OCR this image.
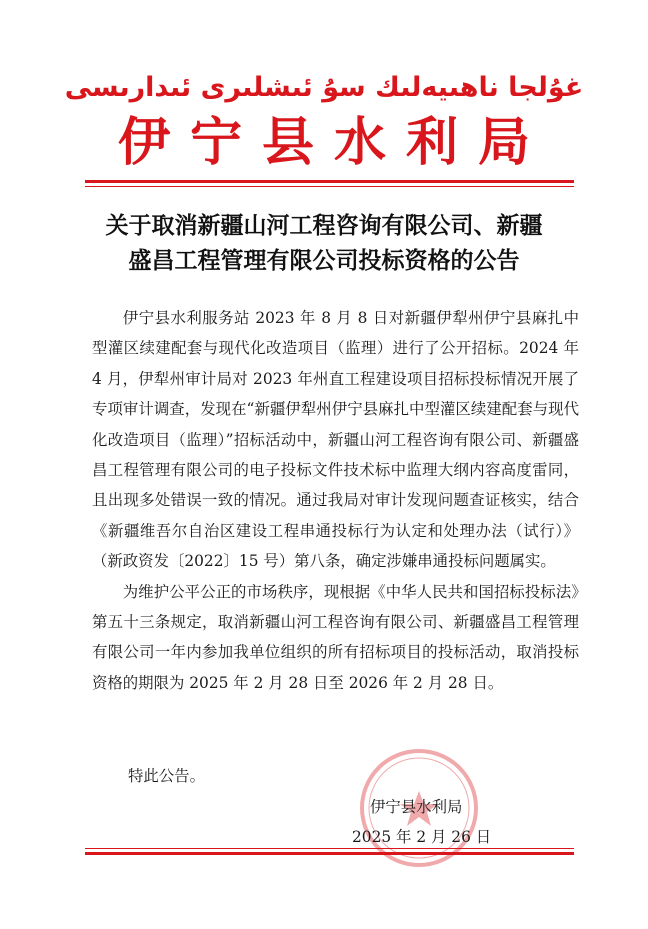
غۇلجا ناھىيەلىك سۇ ئىشلىرى ئىدارىسى
伊宁县水利局
关于取消新疆山河工程咨询有限公司、新疆
盛昌工程管理有限公司投标资格的公告

伊宁县水利服务站 2023 年 8 月 8 日对新疆伊犁州伊宁县麻扎中型灌区续建配套与现代化改造项目（监理）进行了公开招标。2024 年 4 月，伊犁州审计局对 2023 年州直工程建设项目招标投标情况开展了专项审计调查，发现在“新疆伊犁州伊宁县麻扎中型灌区续建配套与现代化改造项目（监理）”招标活动中，新疆山河工程咨询有限公司、新疆盛昌工程管理有限公司的电子投标文件技术标中监理大纲内容高度雷同，且出现多处错误一致的情况。通过我局对审计发现问题查证核实，结合《新疆维吾尔自治区建设工程串通投标行为认定和处理办法（试行）》（新政资发〔2022〕15 号）第八条，确定涉嫌串通投标问题属实。

为维护公平公正的市场秩序，现根据《中华人民共和国招标投标法》第五十三条规定，取消新疆山河工程咨询有限公司、新疆盛昌工程管理有限公司一年内参加我单位组织的所有招标项目的投标活动，取消投标资格的期限为 2025 年 2 月 28 日至 2026 年 2 月 28 日。

特此公告。
伊宁县水利局
2025 年 2 月 26 日
